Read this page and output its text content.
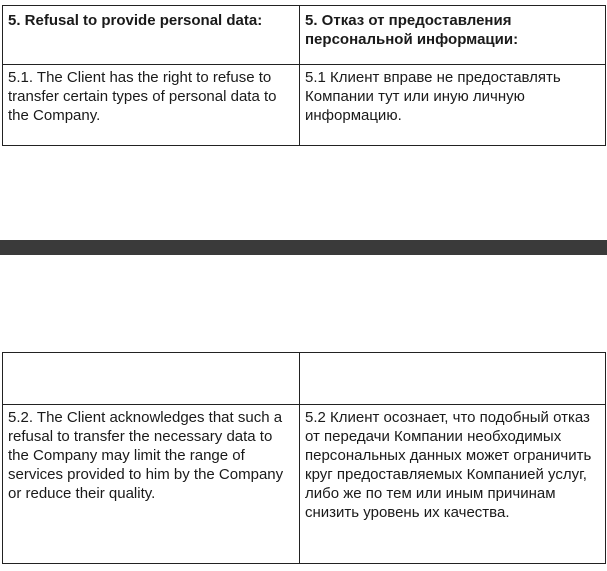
5. Refusal to provide personal data:	5. Отказ от предоставления персональной информации:
5.1. The Client has the right to refuse to transfer certain types of personal data to the Company.	5.1 Клиент вправе не предоставлять Компании тут или иную личную информацию.

5.2. The Client acknowledges that such a refusal to transfer the necessary data to the Company may limit the range of services provided to him by the Company or reduce their quality.	5.2 Клиент осознает, что подобный отказ от передачи Компании необходимых персональных данных может ограничить круг предоставляемых Компанией услуг, либо же по тем или иным причинам снизить уровень их качества.
